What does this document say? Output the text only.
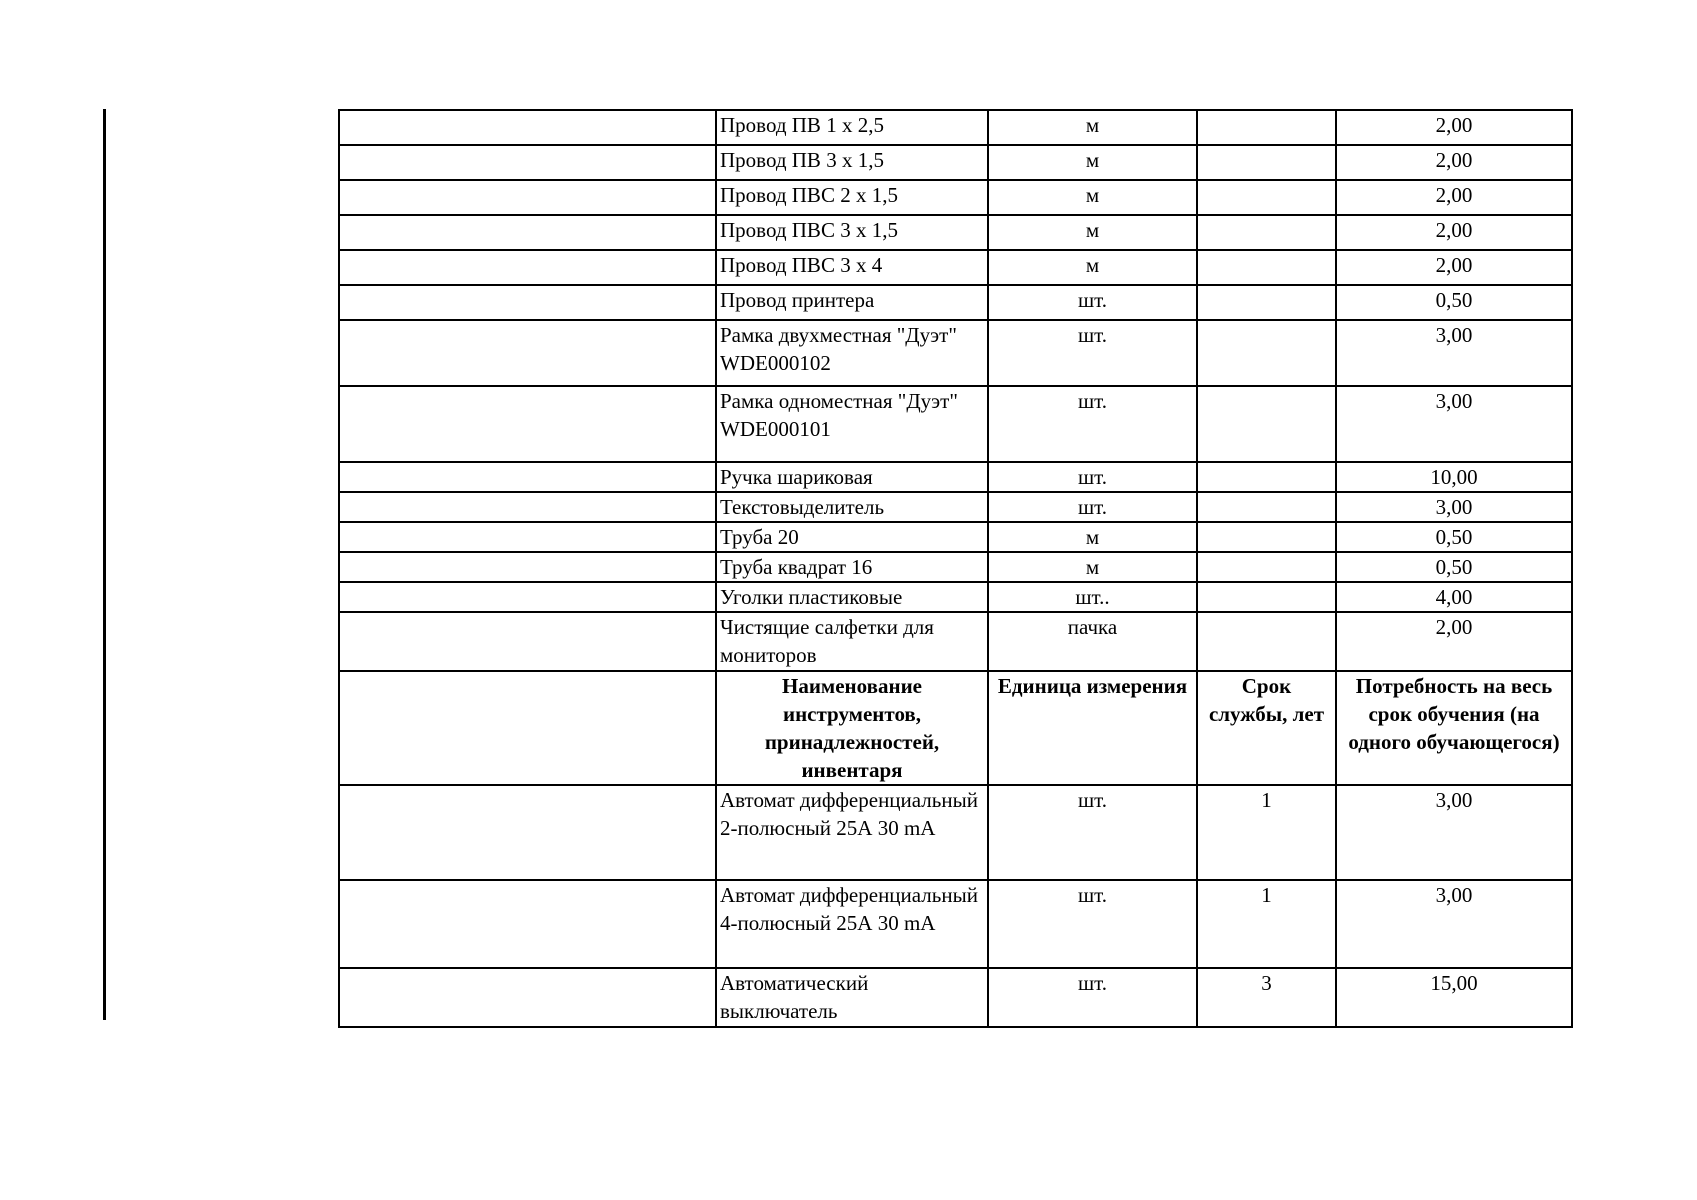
	Провод ПВ 1 х 2,5	м		2,00
	Провод ПВ 3 х 1,5	м		2,00
	Провод ПВС 2 х 1,5	м		2,00
	Провод ПВС 3 х 1,5	м		2,00
	Провод ПВС 3 х 4	м		2,00
	Провод принтера	шт.		0,50
	Рамка двухместная "Дуэт" WDE000102	шт.		3,00
	Рамка одноместная "Дуэт" WDE000101	шт.		3,00
	Ручка шариковая	шт.		10,00
	Текстовыделитель	шт.		3,00
	Труба 20	м		0,50
	Труба квадрат 16	м		0,50
	Уголки пластиковые	шт..		4,00
	Чистящие салфетки для мониторов	пачка		2,00
	Наименование инструментов, принадлежностей, инвентаря	Единица измерения	Срок службы, лет	Потребность на весь срок обучения (на одного обучающегося)
	Автомат дифференциальный 2-полюсный 25А 30 mA	шт.	1	3,00
	Автомат дифференциальный 4-полюсный 25А 30 mA	шт.	1	3,00
	Автоматический выключатель	шт.	3	15,00
